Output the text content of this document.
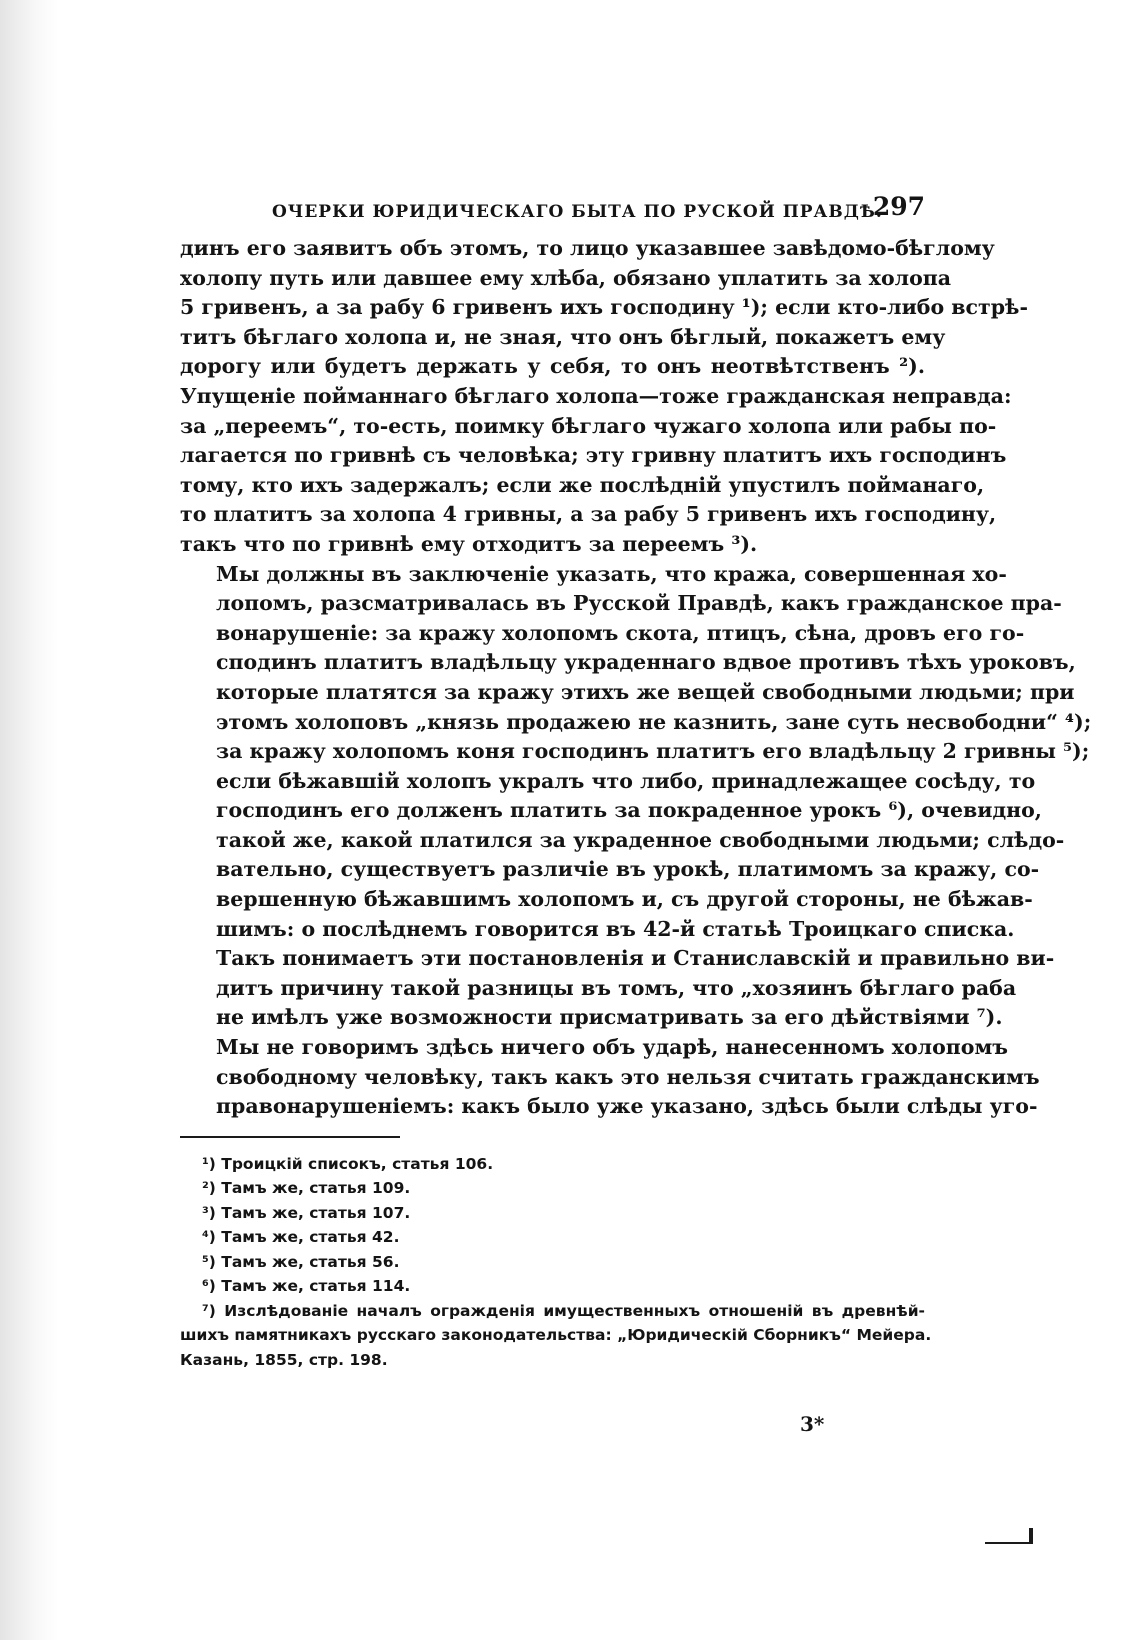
ОЧЕРКИ ЮРИДИЧЕСКАГО БЫТА ПО РУСКОЙ ПРАВДѢ.
297

динъ его заявитъ объ этомъ, то лицо указавшее завѣдомо-бѣглому
холопу путь или давшее ему хлѣба, обязано уплатить за холопа
5 гривенъ, а за рабу 6 гривенъ ихъ господину ¹); если кто-либо встрѣ-
титъ бѣглаго холопа и, не зная, что онъ бѣглый, покажетъ ему
дорогу или будетъ держать у себя, то онъ неотвѣтственъ ²).
Упущеніе пойманнаго бѣглаго холопа—тоже гражданская неправда:
за „переемъ“, то-есть, поимку бѣглаго чужаго холопа или рабы по-
лагается по гривнѣ съ человѣка; эту гривну платитъ ихъ господинъ
тому, кто ихъ задержалъ; если же послѣдній упустилъ пойманаго,
то платитъ за холопа 4 гривны, а за рабу 5 гривенъ ихъ господину,
такъ что по гривнѣ ему отходитъ за переемъ ³).

Мы должны въ заключеніе указать, что кража, совершенная хо-
лопомъ, разсматривалась въ Русской Правдѣ, какъ гражданское пра-
вонарушеніе: за кражу холопомъ скота, птицъ, сѣна, дровъ его го-
сподинъ платитъ владѣльцу украденнаго вдвое противъ тѣхъ уроковъ,
которые платятся за кражу этихъ же вещей свободными людьми; при
этомъ холоповъ „князь продажею не казнить, зане суть несвободни“ ⁴);
за кражу холопомъ коня господинъ платитъ его владѣльцу 2 гривны ⁵);
если бѣжавшій холопъ укралъ что либо, принадлежащее сосѣду, то
господинъ его долженъ платить за покраденное урокъ ⁶), очевидно,
такой же, какой платился за украденное свободными людьми; слѣдо-
вательно, существуетъ различіе въ урокѣ, платимомъ за кражу, со-
вершенную бѣжавшимъ холопомъ и, съ другой стороны, не бѣжав-
шимъ: о послѣднемъ говорится въ 42-й статьѣ Троицкаго списка.
Такъ понимаетъ эти постановленія и Станиславскій и правильно ви-
дитъ причину такой разницы въ томъ, что „хозяинъ бѣглаго раба
не имѣлъ уже возможности присматривать за его дѣйствіями ⁷).

Мы не говоримъ здѣсь ничего объ ударѣ, нанесенномъ холопомъ
свободному человѣку, такъ какъ это нельзя считать гражданскимъ
правонарушеніемъ: какъ было уже указано, здѣсь были слѣды уго-

¹) Троицкій списокъ, статья 106.
²) Тамъ же, статья 109.
³) Тамъ же, статья 107.
⁴) Тамъ же, статья 42.
⁵) Тамъ же, статья 56.
⁶) Тамъ же, статья 114.
⁷) Изслѣдованіе началъ огражденія имущественныхъ отношеній въ древнѣй-
шихъ памятникахъ русскаго законодательства: „Юридическій Сборникъ“ Мейера.
Казань, 1855, стр. 198.
3*
